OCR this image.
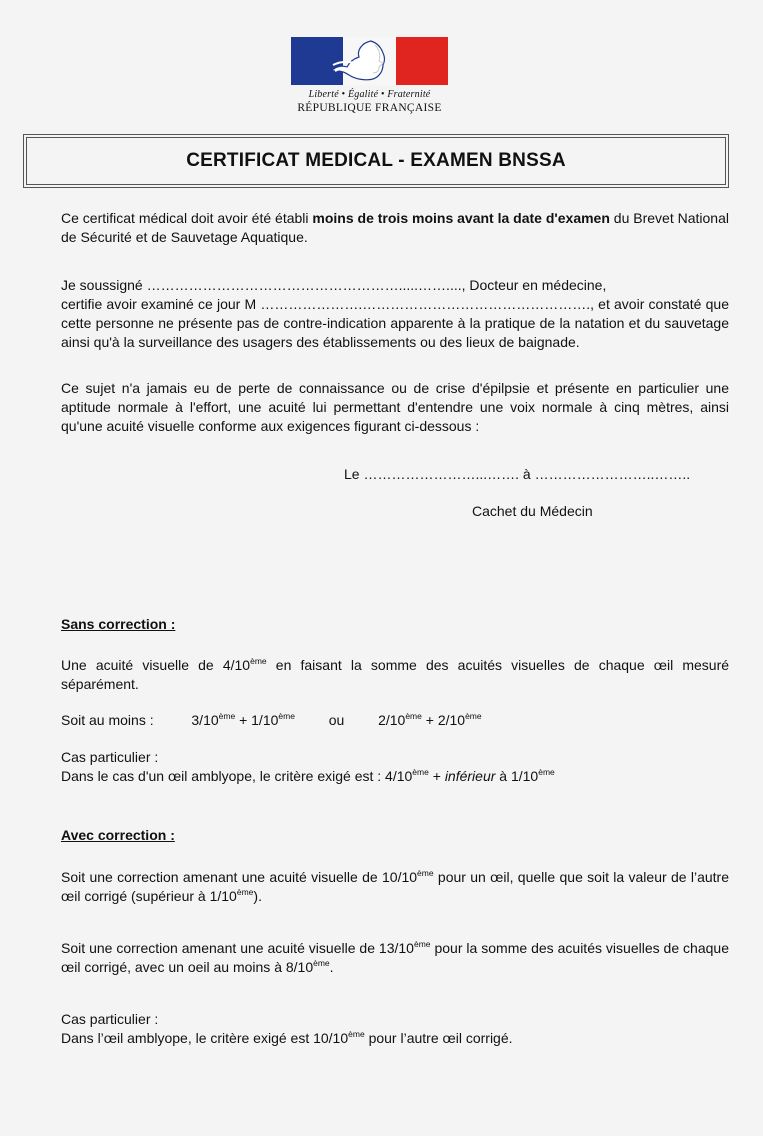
Liberté • Égalité • Fraternité
RÉPUBLIQUE FRANÇAISE
CERTIFICAT MEDICAL - EXAMEN BNSSA

Ce certificat médical doit avoir été établi moins de trois moins avant la date d'examen du Brevet National de Sécurité et de Sauvetage Aquatique.

Je soussigné ……………………………………………….....……...., Docteur en médecine,

certifie avoir examiné ce jour M ………………….…………………………………………., et avoir constaté que cette personne ne présente pas de contre-indication apparente à la pratique de la natation et du sauvetage ainsi qu'à la surveillance des usagers des établissements ou des lieux de baignade.

Ce sujet n'a jamais eu de perte de connaissance ou de crise d'épilpsie et présente en particulier une aptitude normale à l'effort, une acuité lui permettant d'entendre une voix normale à cinq mètres, ainsi qu'une acuité visuelle conforme aux exigences figurant ci-dessous :

Le ……………………...……. à ……………………..……..
Cachet du Médecin
Sans correction :

Une acuité visuelle de 4/10ème en faisant la somme des acuités visuelles de chaque œil mesuré séparément.

Soit au moins :	3/10ème + 1/10ème ou 2/10ème + 2/10ème
Cas particulier :
Dans le cas d'un œil amblyope, le critère exigé est : 4/10ème + inférieur à 1/10ème
Avec correction :

Soit une correction amenant une acuité visuelle de 10/10ème pour un œil, quelle que soit la valeur de l’autre œil corrigé (supérieur à 1/10ème).

Soit une correction amenant une acuité visuelle de 13/10ème pour la somme des acuités visuelles de chaque œil corrigé, avec un oeil au moins à 8/10ème.

Cas particulier :
Dans l’œil amblyope, le critère exigé est 10/10ème pour l’autre œil corrigé.
